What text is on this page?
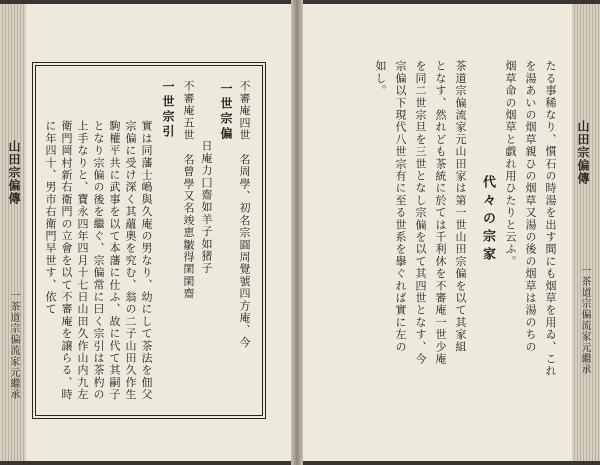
山田宗偏傳
一茶道宗偏流家元繼承
山田宗偏傳
一茶道宗偏流家元繼承
不審庵四世　名周學、初名宗圓周覺號四方庵、今
一世宗偏
日庵力囗齋如羊子如猪子
不審庵五世　名曾學又名竣恵皺得閑閑齋
一世宗引
實は同藩士嶋與久庵の男なり、幼にして茶法を佃父宗偏に受け深く其蘊奧を究む、翁の二子山田久作生駒權平共に武事を以て本藩に仕ふ、故に代て其嗣子となり宗偏の後を繼ぐ、宗偏常に曰く宗引は茶杓の上手なりと、寶永四年四月十七日山田久作山内九左衛門岡村新右衛門の立會を以て不審庵を譲らる、時に年四十、男市右衛門早世す、依て	たる事稀なり、慣石の時湯を出す間にも烟草を用ゐ、これ
を湯あいの烟草親ひの烟草又湯の後の烟草は湯のちの
烟草命の烟草と戯れ用ひたりと云ふ。
代々の宗家
茶道宗偏流家元山田家は第一世山田宗偏を以て其家組
となす、然れども茶統に於ては千利休を不審庵一世少庵
を同二世宗旦を三世となし宗偏を以て其四世となす、今
宗偏以下現代八世宗有に至る世系を擧ぐれば實に左の
如し。
